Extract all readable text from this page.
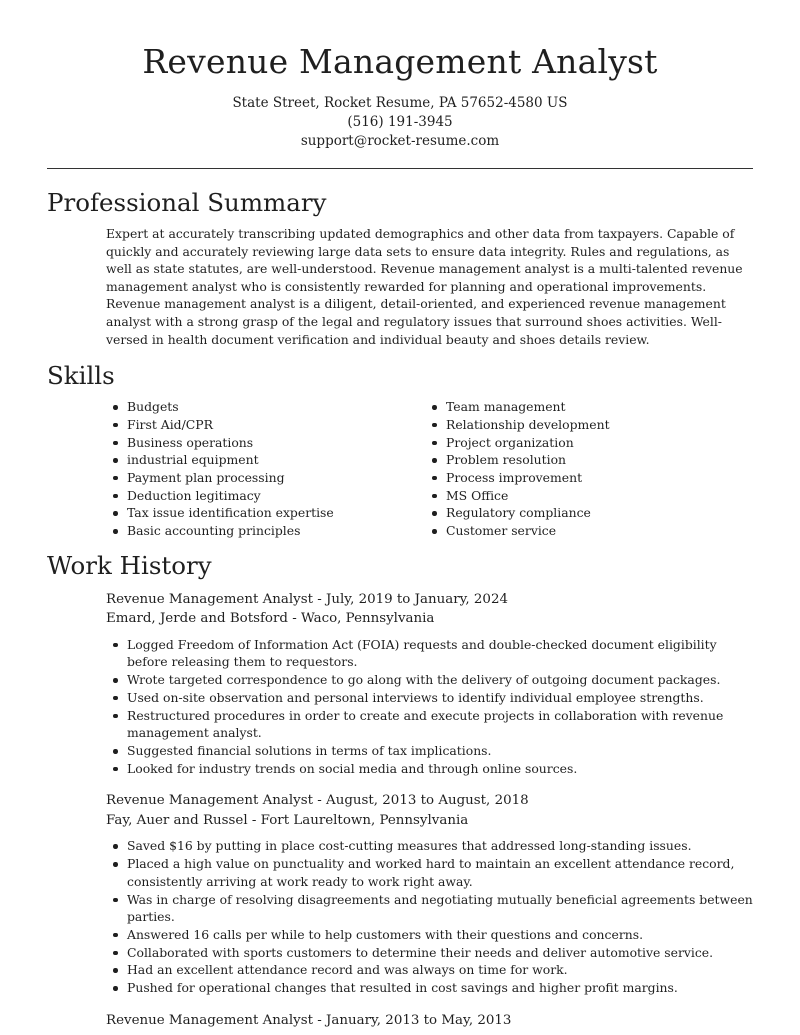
Revenue Management Analyst

State Street, Rocket Resume, PA 57652-4580 US

(516) 191-3945

support@rocket-resume.com

Professional Summary

Expert at accurately transcribing updated demographics and other data from taxpayers. Capable of quickly and accurately reviewing large data sets to ensure data integrity. Rules and regulations, as well as state statutes, are well-understood. Revenue management analyst is a multi-talented revenue management analyst who is consistently rewarded for planning and operational improvements. Revenue management analyst is a diligent, detail-oriented, and experienced revenue management analyst with a strong grasp of the legal and regulatory issues that surround shoes activities. Well-versed in health document verification and individual beauty and shoes details review.

Skills
Budgets
First Aid/CPR
Business operations
industrial equipment
Payment plan processing
Deduction legitimacy
Tax issue identification expertise
Basic accounting principles
Team management
Relationship development
Project organization
Problem resolution
Process improvement
MS Office
Regulatory compliance
Customer service
Work History

Revenue Management Analyst - July, 2019 to January, 2024

Emard, Jerde and Botsford - Waco, Pennsylvania

Logged Freedom of Information Act (FOIA) requests and double-checked document eligibility before releasing them to requestors.
Wrote targeted correspondence to go along with the delivery of outgoing document packages.
Used on-site observation and personal interviews to identify individual employee strengths.
Restructured procedures in order to create and execute projects in collaboration with revenue management analyst.
Suggested financial solutions in terms of tax implications.
Looked for industry trends on social media and through online sources.

Revenue Management Analyst - August, 2013 to August, 2018

Fay, Auer and Russel - Fort Laureltown, Pennsylvania

Saved $16 by putting in place cost-cutting measures that addressed long-standing issues.
Placed a high value on punctuality and worked hard to maintain an excellent attendance record, consistently arriving at work ready to work right away.
Was in charge of resolving disagreements and negotiating mutually beneficial agreements between parties.
Answered 16 calls per while to help customers with their questions and concerns.
Collaborated with sports customers to determine their needs and deliver automotive service.
Had an excellent attendance record and was always on time for work.
Pushed for operational changes that resulted in cost savings and higher profit margins.

Revenue Management Analyst - January, 2013 to May, 2013
